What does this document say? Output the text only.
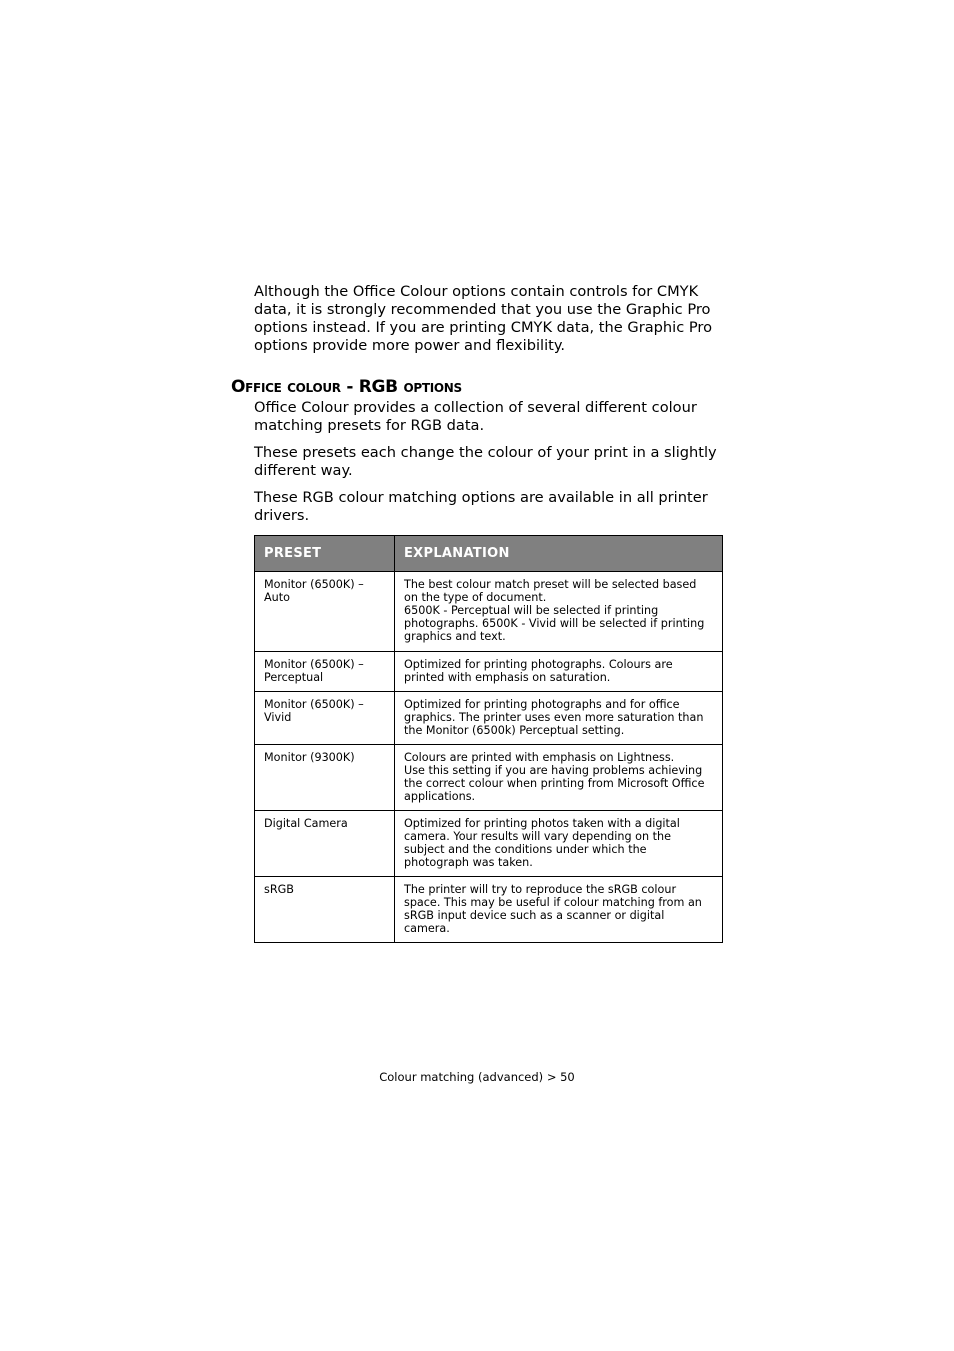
Although the Office Colour options contain controls for CMYK data, it is strongly recommended that you use the Graphic Pro options instead. If you are printing CMYK data, the Graphic Pro options provide more power and flexibility.

Office colour - RGB options

Office Colour provides a collection of several different colour matching presets for RGB data.

These presets each change the colour of your print in a slightly different way.

These RGB colour matching options are available in all printer drivers.

PRESET	EXPLANATION
Monitor (6500K) – Auto	The best colour match preset will be selected based on the type of document.
6500K - Perceptual will be selected if printing photographs. 6500K - Vivid will be selected if printing graphics and text.

Monitor (6500K) – Perceptual	Optimized for printing photographs. Colours are printed with emphasis on saturation.

Monitor (6500K) – Vivid	Optimized for printing photographs and for office graphics. The printer uses even more saturation than the Monitor (6500k) Perceptual setting.

Monitor (9300K)	Colours are printed with emphasis on Lightness.
Use this setting if you are having problems achieving the correct colour when printing from Microsoft Office applications.

Digital Camera	Optimized for printing photos taken with a digital camera. Your results will vary depending on the subject and the conditions under which the photograph was taken.

sRGB	The printer will try to reproduce the sRGB colour space. This may be useful if colour matching from an sRGB input device such as a scanner or digital camera.
Colour matching (advanced) > 50
